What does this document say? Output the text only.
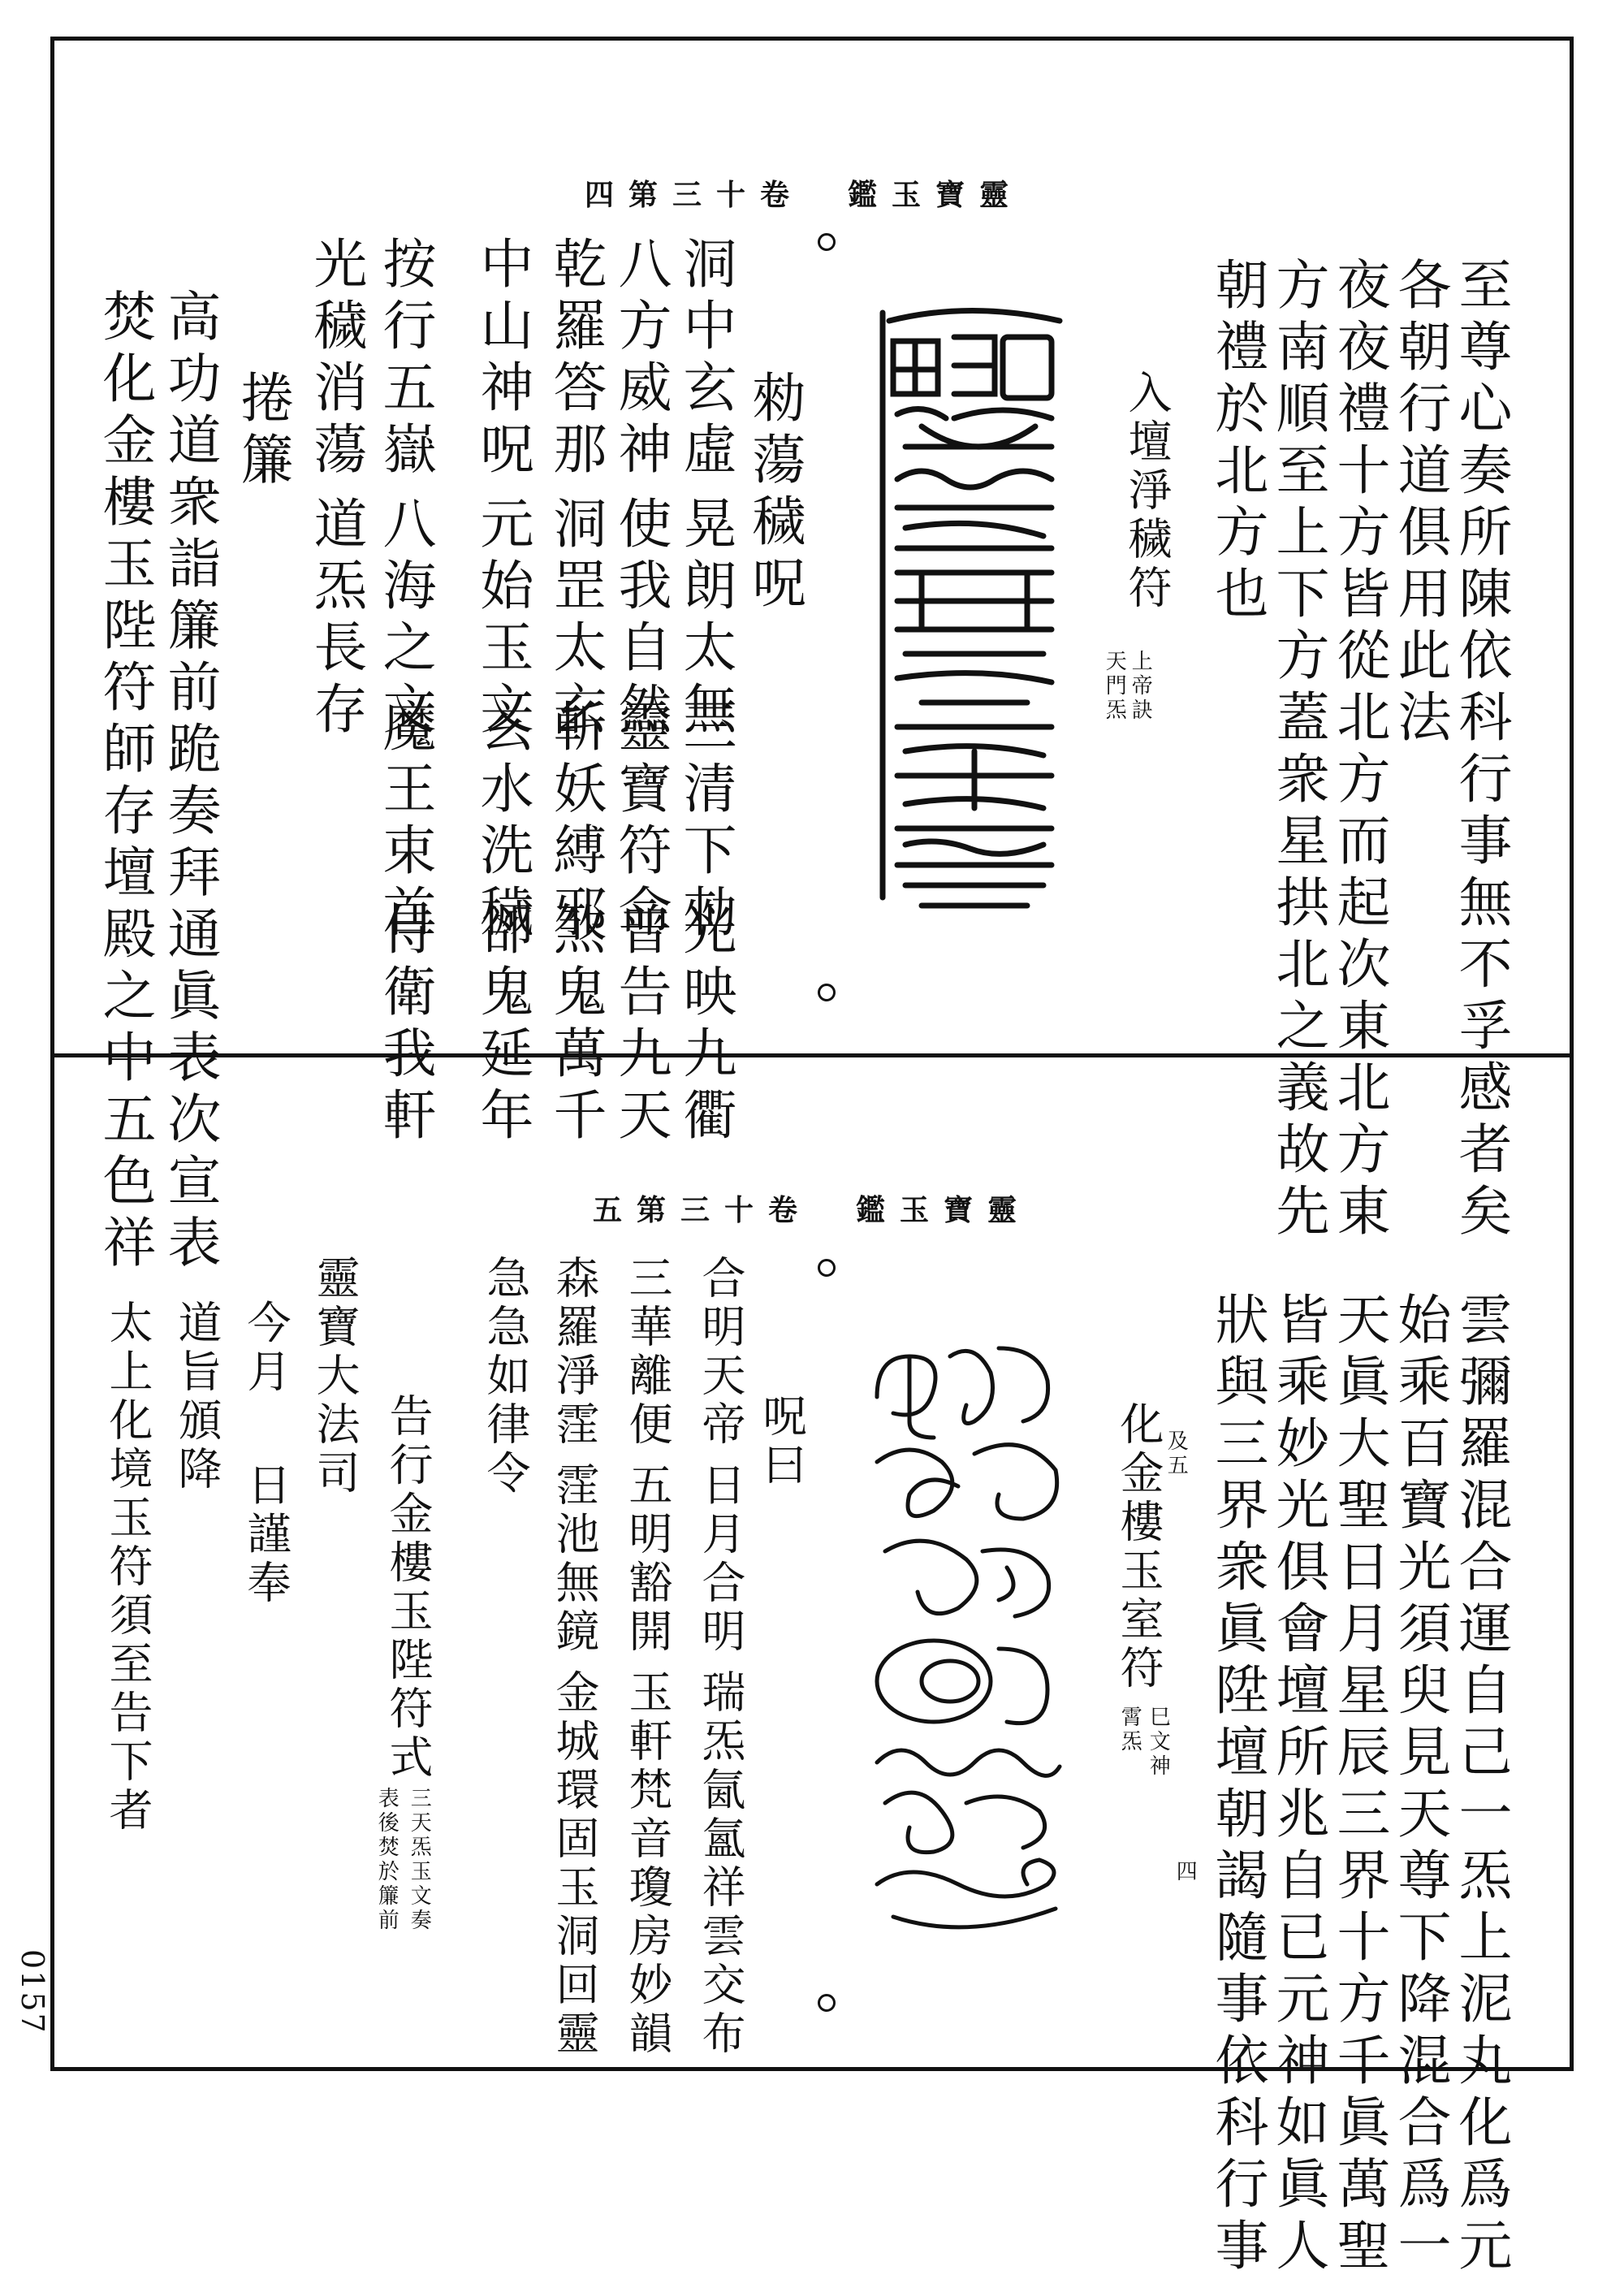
四第三十卷　鑑玉寶靈
至尊心奏所陳依科行事無不孚感者矣
各朝行道俱用此法
夜夜禮十方皆從北方而起次東北方東
方南順至上下方蓋衆星拱北之義故先
朝禮於北方也
入壇淨穢符
上帝訣
天門炁
勑蕩穢呪
洞中玄虛
晃朗太無
三清下勑
光映九衢
八方威神
使我自然
靈寶符命
普告九天
乾羅答那
洞罡太玄
斬妖縛邪
煞鬼萬千
中山神呪
元始玉文
玄水洗穢
卻鬼延年
按行五嶽
八海之文
魔王束首
侍衛我軒
光穢消蕩
道炁長存
捲簾
高功道衆詣簾前跪奏拜通眞表次宣表
焚化金樓玉陛符師存壇殿之中五色祥	五第三十卷　鑑玉寶靈
雲彌羅混合運自己一炁上泥丸化爲元
始乘百寶光須臾見天尊下降混合爲一
天眞大聖日月星辰三界十方千眞萬聖
皆乘妙光俱會壇所兆自已元神如眞人
狀與三界衆眞陞壇朝謁隨事依科行事
化金樓玉室符 及五
巳文神
霄炁
四
呪曰
合明天帝
日月合明
瑞炁氤氳
祥雲交布
三華離便
五明豁開
玉軒梵音
瓊房妙韻
森羅淨霔
霔池無鏡
金城環固
玉洞回靈
急急如律令
告行金樓玉陛符式
三天炁玉文奏
表後焚於簾前
靈寶大法司
今月
日謹奉
道旨頒降
太上化境玉符須至告下者
0157
